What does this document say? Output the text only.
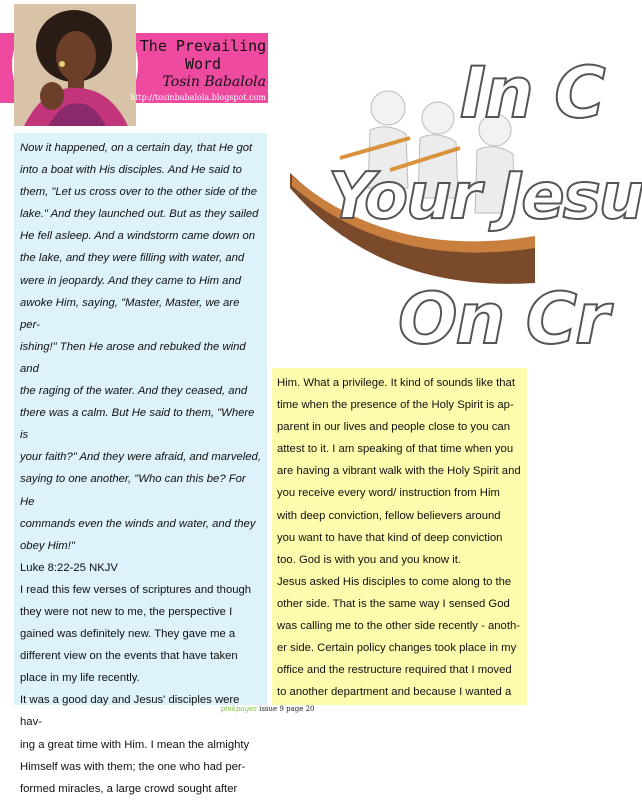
The Prevailing
Word
Tosin Babalola
http://tosinbabalola.blogspot.com	In C
Your Jesu
On Cr

Now it happened, on a certain day, that He got
into a boat with His disciples. And He said to
them, "Let us cross over to the other side of the
lake." And they launched out. But as they sailed
He fell asleep. And a windstorm came down on
the lake, and they were filling with water, and
were in jeopardy. And they came to Him and
awoke Him, saying, "Master, Master, we are per-
ishing!" Then He arose and rebuked the wind and
the raging of the water. And they ceased, and
there was a calm. But He said to them, "Where is
your faith?" And they were afraid, and marveled,
saying to one another, "Who can this be? For He
commands even the winds and water, and they
obey Him!"

Luke 8:22-25 NKJV

I read this few verses of scriptures and though
they were not new to me, the perspective I
gained was definitely new. They gave me a
different view on the events that have taken
place in my life recently.
It was a good day and Jesus' disciples were hav-
ing a great time with Him. I mean the almighty
Himself was with them; the one who had per-
formed miracles, a large crowd sought after

Him. What a privilege. It kind of sounds like that
time when the presence of the Holy Spirit is ap-
parent in our lives and people close to you can
attest to it. I am speaking of that time when you
are having a vibrant walk with the Holy Spirit and
you receive every word/ instruction from Him
with deep conviction, fellow believers around
you want to have that kind of deep conviction
too. God is with you and you know it.
Jesus asked His disciples to come along to the
other side. That is the same way I sensed God
was calling me to the other side recently - anoth-
er side. Certain policy changes took place in my
office and the restructure required that I moved
to another department and because I wanted a

pinkpages issue 9 page 20
